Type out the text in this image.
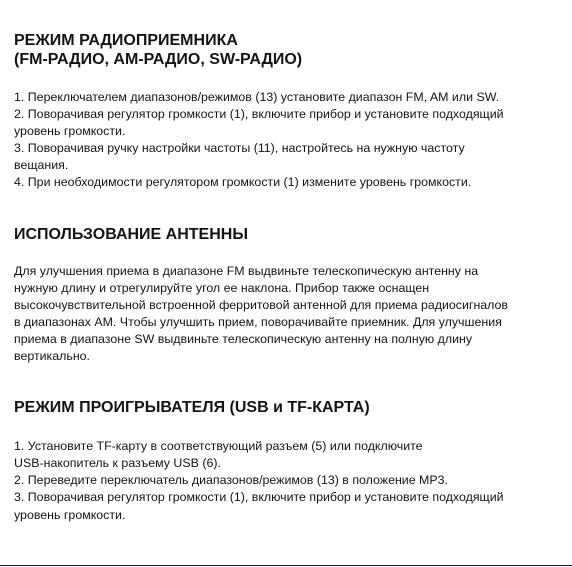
РЕЖИМ РАДИОПРИЕМНИКА
(FM-РАДИО, АМ-РАДИО, SW-РАДИО)
1. Переключателем диапазонов/режимов (13) установите диапазон FM, AM или SW.
2. Поворачивая регулятор громкости (1), включите прибор и установите подходящий
уровень громкости.
3. Поворачивая ручку настройки частоты (11), настройтесь на нужную частоту
вещания.
4. При необходимости регулятором громкости (1) измените уровень громкости.
ИСПОЛЬЗОВАНИЕ АНТЕННЫ
Для улучшения приема в диапазоне FM выдвиньте телескопическую антенну на
нужную длину и отрегулируйте угол ее наклона. Прибор также оснащен
высокочувствительной встроенной ферритовой антенной для приема радиосигналов
в диапазонах AM. Чтобы улучшить прием, поворачивайте приемник. Для улучшения
приема в диапазоне SW выдвиньте телескопическую антенну на полную длину
вертикально.
РЕЖИМ ПРОИГРЫВАТЕЛЯ (USB и TF-КАРТА)
1. Установите TF-карту в соответствующий разъем (5) или подключите
USB-накопитель к разъему USB (6).
2. Переведите переключатель диапазонов/режимов (13) в положение MP3.
3. Поворачивая регулятор громкости (1), включите прибор и установите подходящий
уровень громкости.
